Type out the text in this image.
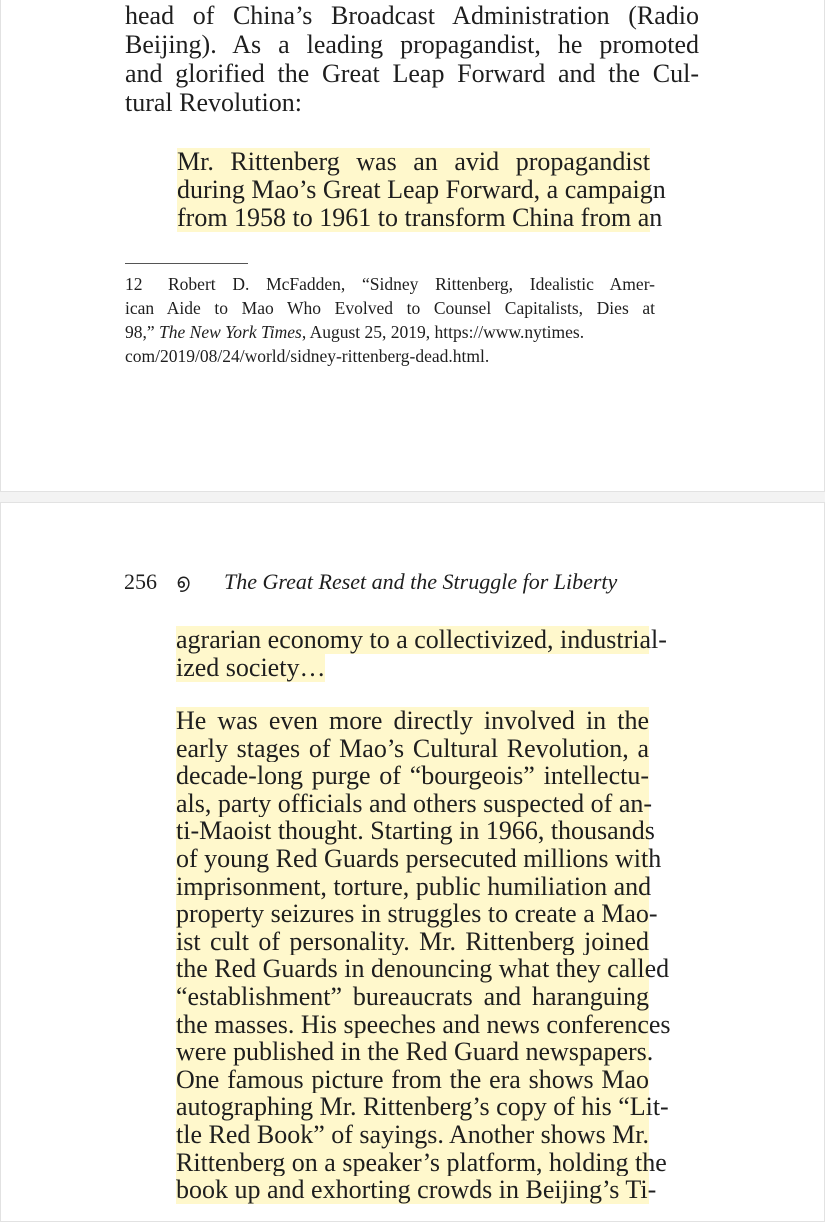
head of China’s Broadcast Administration (Radio
Beijing). As a leading propagandist, he promoted
and glorified the Great Leap Forward and the Cul-
tural Revolution:
Mr. Rittenberg was an avid propagandist
during Mao’s Great Leap Forward, a campaign
from 1958 to 1961 to transform China from an
12 Robert D. McFadden, “Sidney Rittenberg, Idealistic Amer-
ican Aide to Mao Who Evolved to Counsel Capitalists, Dies at
98,” The New York Times, August 25, 2019, https://www.nytimes.
com/2019/08/24/world/sidney-rittenberg-dead.html.
256 ൭ The Great Reset and the Struggle for Liberty
agrarian economy to a collectivized, industrial-
ized society…
He was even more directly involved in the
early stages of Mao’s Cultural Revolution, a
decade-long purge of “bourgeois” intellectu-
als, party officials and others suspected of an-
ti-Maoist thought. Starting in 1966, thousands
of young Red Guards persecuted millions with
imprisonment, torture, public humiliation and
property seizures in struggles to create a Mao-
ist cult of personality. Mr. Rittenberg joined
the Red Guards in denouncing what they called
“establishment” bureaucrats and haranguing
the masses. His speeches and news conferences
were published in the Red Guard newspapers.
One famous picture from the era shows Mao
autographing Mr. Rittenberg’s copy of his “Lit-
tle Red Book” of sayings. Another shows Mr.
Rittenberg on a speaker’s platform, holding the
book up and exhorting crowds in Beijing’s Ti-
